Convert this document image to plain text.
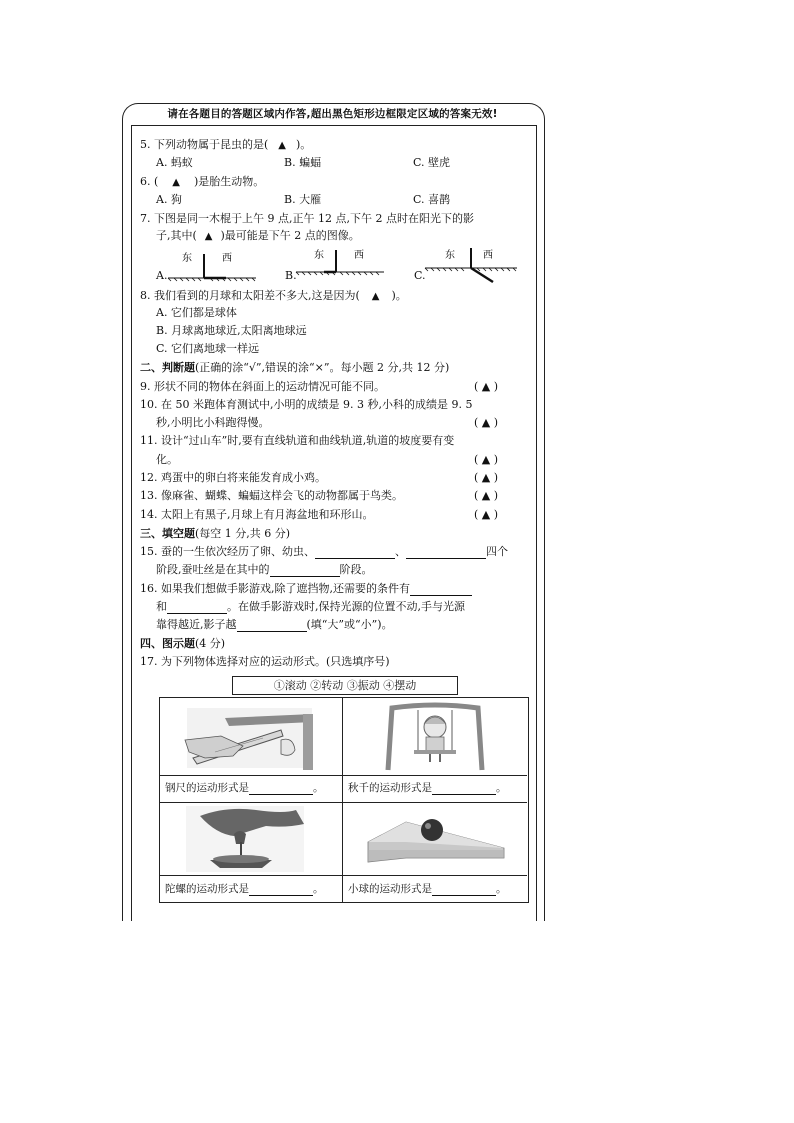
请在各题目的答题区域内作答,超出黑色矩形边框限定区域的答案无效!
5. 下列动物属于昆虫的是( ▲ )。
A. 蚂蚁	B. 蝙蝠	C. 壁虎
6. ( ▲ )是胎生动物。
A. 狗	B. 大雁	C. 喜鹊
7. 下图是同一木棍于上午 9 点,正午 12 点,下午 2 点时在阳光下的影
子,其中( ▲ )最可能是下午 2 点的图像。
A.	B.	C.
东	西	东	西	东	西
8. 我们看到的月球和太阳差不多大,这是因为( ▲ )。
A. 它们都是球体
B. 月球离地球近,太阳离地球远
C. 它们离地球一样远
二、判断题(正确的涂“√”,错误的涂“×”。每小题 2 分,共 12 分)
9. 形状不同的物体在斜面上的运动情况可能不同。	( ▲ )
10. 在 50 米跑体育测试中,小明的成绩是 9. 3 秒,小科的成绩是 9. 5
秒,小明比小科跑得慢。	( ▲ )
11. 设计“过山车”时,要有直线轨道和曲线轨道,轨道的坡度要有变
化。	( ▲ )
12. 鸡蛋中的卵白将来能发育成小鸡。	( ▲ )
13. 像麻雀、蝴蝶、蝙蝠这样会飞的动物都属于鸟类。	( ▲ )
14. 太阳上有黑子,月球上有月海盆地和环形山。	( ▲ )
三、填空题(每空 1 分,共 6 分)
15. 蚕的一生依次经历了卵、幼虫、	、	四个
阶段,蚕吐丝是在其中的	阶段。
16. 如果我们想做手影游戏,除了遮挡物,还需要的条件有
和	。在做手影游戏时,保持光源的位置不动,手与光源
靠得越近,影子越	(填“大”或“小”)。
四、图示题(4 分)
17. 为下列物体选择对应的运动形式。(只选填序号)
①滚动 ②转动 ③振动 ④摆动
钢尺的运动形式是	。 秋千的运动形式是	。
陀螺的运动形式是	。 小球的运动形式是	。
